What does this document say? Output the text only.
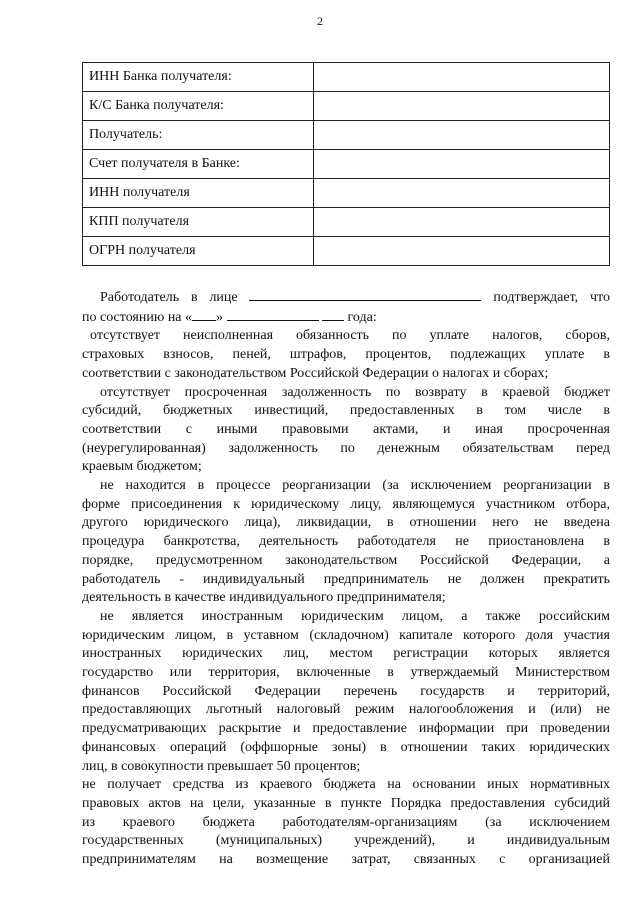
2
ИНН Банка получателя:	
К/С Банка получателя:	
Получатель:	
Счет получателя в Банке:	
ИНН получателя	
КПП получателя	
ОГРН получателя	
Работодатель в лице	подтверждает, что
по состоянию на « »	года:
отсутствует неисполненная обязанность по уплате налогов, сборов,
страховых взносов, пеней, штрафов, процентов, подлежащих уплате в
соответствии с законодательством Российской Федерации о налогах и сборах;
отсутствует просроченная задолженность по возврату в краевой бюджет
субсидий, бюджетных инвестиций, предоставленных в том числе в
соответствии с иными правовыми актами, и иная просроченная
(неурегулированная) задолженность по денежным обязательствам перед
краевым бюджетом;
не находится в процессе реорганизации (за исключением реорганизации в
форме присоединения к юридическому лицу, являющемуся участником отбора,
другого юридического лица), ликвидации, в отношении него не введена
процедура банкротства, деятельность работодателя не приостановлена в
порядке, предусмотренном законодательством Российской Федерации, а
работодатель - индивидуальный предприниматель не должен прекратить
деятельность в качестве индивидуального предпринимателя;
не является иностранным юридическим лицом, а также российским
юридическим лицом, в уставном (складочном) капитале которого доля участия
иностранных юридических лиц, местом регистрации которых является
государство или территория, включенные в утверждаемый Министерством
финансов Российской Федерации перечень государств и территорий,
предоставляющих льготный налоговый режим налогообложения и (или) не
предусматривающих раскрытие и предоставление информации при проведении
финансовых операций (оффшорные зоны) в отношении таких юридических
лиц, в совокупности превышает 50 процентов;
не получает средства из краевого бюджета на основании иных нормативных
правовых актов на цели, указанные в пункте Порядка предоставления субсидий
из краевого бюджета работодателям-организациям (за исключением
государственных (муниципальных) учреждений), и индивидуальным
предпринимателям на возмещение затрат, связанных с организацией
